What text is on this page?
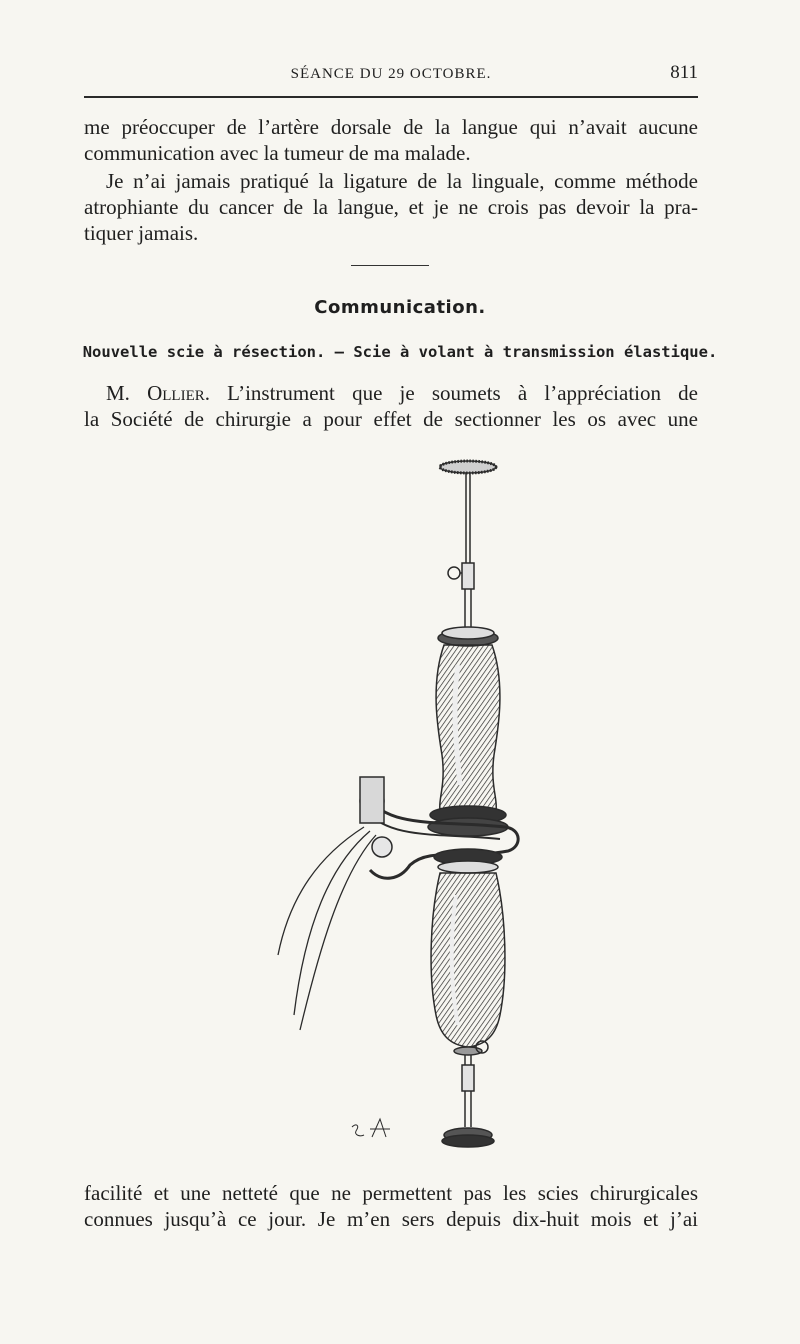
SÉANCE DU 29 OCTOBRE.	811

me préoccuper de l’artère dorsale de la langue qui n’avait aucune
communication avec la tumeur de ma malade.

Je n’ai jamais pratiqué la ligature de la linguale, comme méthode
atrophiante du cancer de la langue, et je ne crois pas devoir la pra-
tiquer jamais.

Communication.
Nouvelle scie à résection. — Scie à volant à transmission élastique.

M. Ollier. L’instrument que je soumets à l’appréciation de
la Société de chirurgie a pour effet de sectionner les os avec une

facilité et une netteté que ne permettent pas les scies chirurgicales
connues jusqu’à ce jour. Je m’en sers depuis dix-huit mois et j’ai
